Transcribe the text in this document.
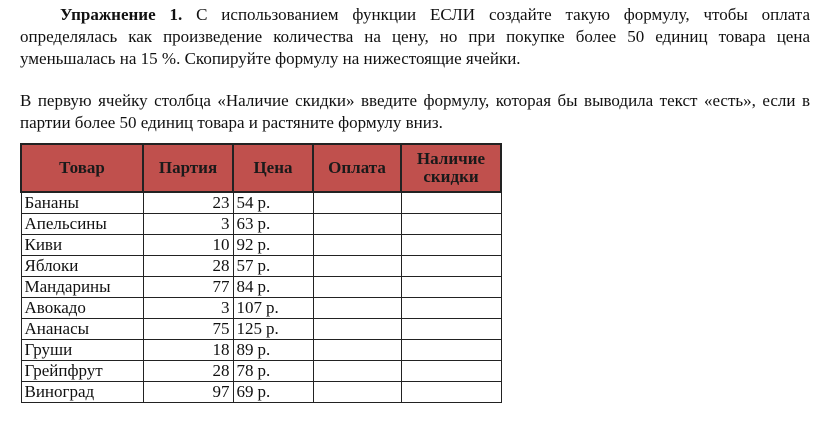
Упражнение 1. С использованием функции ЕСЛИ создайте такую формулу, чтобы оплата определялась как произведение количества на цену, но при покупке более 50 единиц товара цена уменьшалась на 15 %. Скопируйте формулу на нижестоящие ячейки.
В первую ячейку столбца «Наличие скидки» введите формулу, которая бы выводила текст «есть», если в партии более 50 единиц товара и растяните формулу вниз.
Товар	Партия	Цена	Оплата	Наличие скидки
Бананы	23	54 р.		
Апельсины	3	63 р.		
Киви	10	92 р.		
Яблоки	28	57 р.		
Мандарины	77	84 р.		
Авокадо	3	107 р.		
Ананасы	75	125 р.		
Груши	18	89 р.		
Грейпфрут	28	78 р.		
Виноград	97	69 р.		
